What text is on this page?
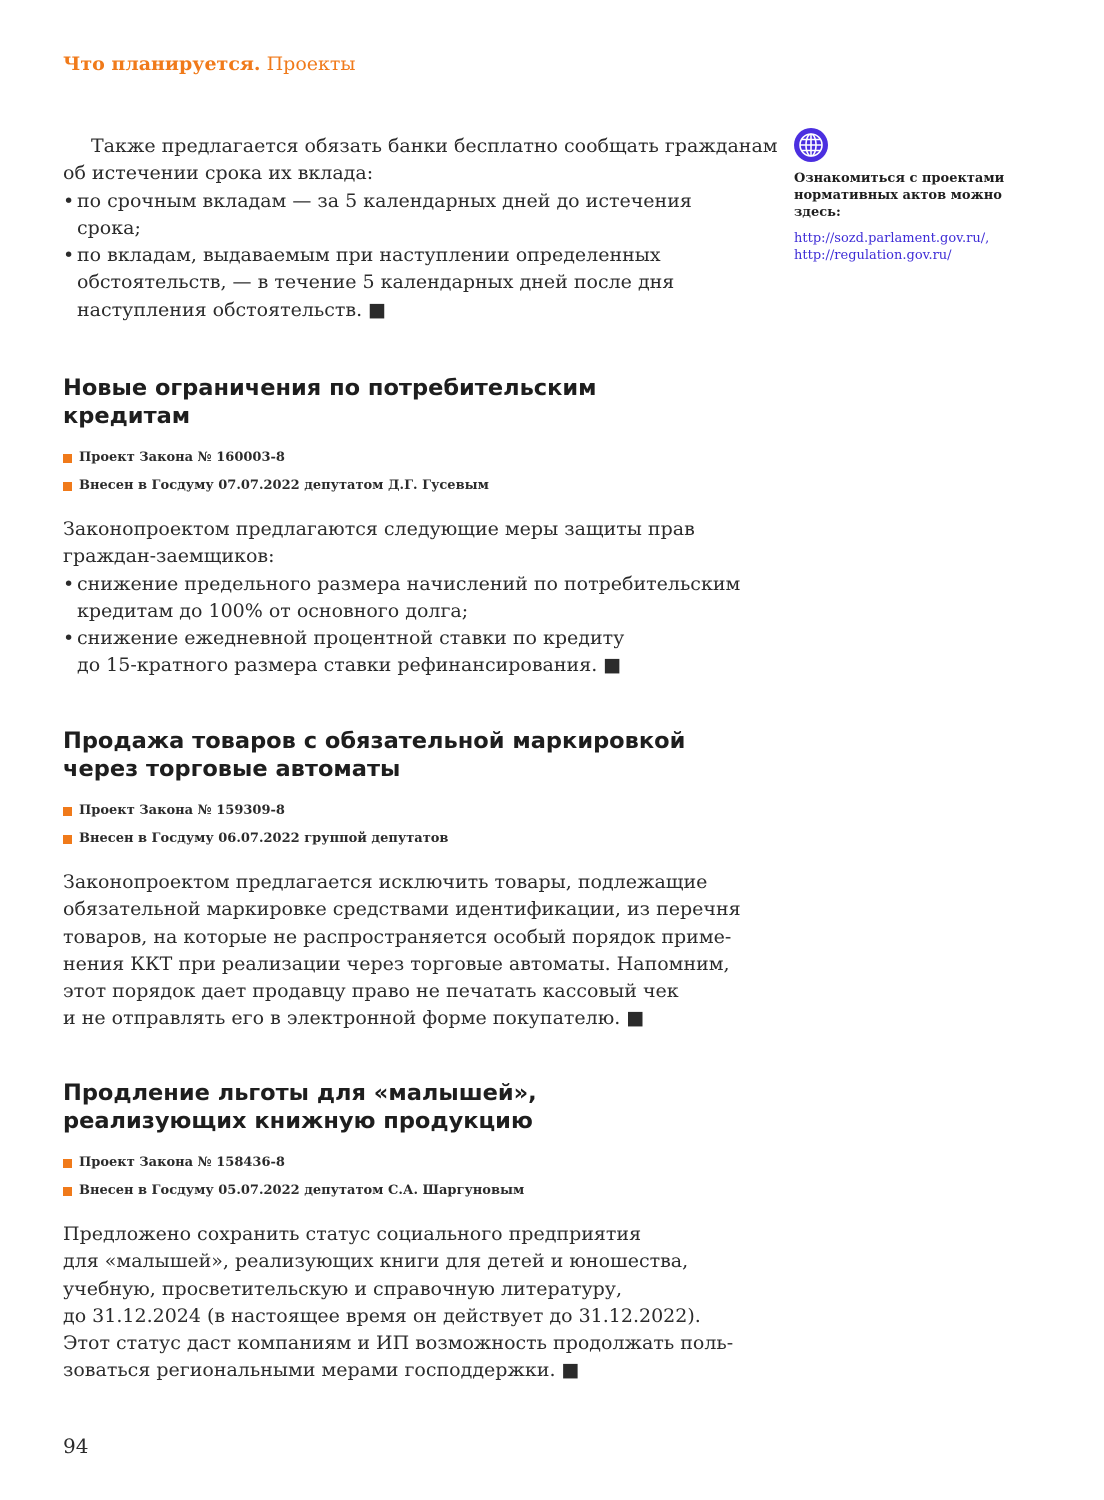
Что планируется. Проекты
Также предлагается обязать банки бесплатно сообщать гражданам
об истечении срока их вклада:
• по срочным вкладам — за 5 календарных дней до истечения
срока;
• по вкладам, выдаваемым при наступлении определенных
обстоятельств, — в течение 5 календарных дней после дня
наступления обстоятельств. ■
Ознакомиться с проектами
нормативных актов можно
здесь:
http://sozd.parlament.gov.ru/,
http://regulation.gov.ru/
Новые ограничения по потребительским
кредитам
Проект Закона № 160003-8
Внесен в Госдуму 07.07.2022 депутатом Д.Г. Гусевым
Законопроектом предлагаются следующие меры защиты прав
граждан-заемщиков:
• снижение предельного размера начислений по потребительским
кредитам до 100% от основного долга;
• снижение ежедневной процентной ставки по кредиту
до 15-кратного размера ставки рефинансирования. ■
Продажа товаров с обязательной маркировкой
через торговые автоматы
Проект Закона № 159309-8
Внесен в Госдуму 06.07.2022 группой депутатов
Законопроектом предлагается исключить товары, подлежащие
обязательной маркировке средствами идентификации, из перечня
товаров, на которые не распространяется особый порядок приме-
нения ККТ при реализации через торговые автоматы. Напомним,
этот порядок дает продавцу право не печатать кассовый чек
и не отправлять его в электронной форме покупателю. ■
Продление льготы для «малышей»,
реализующих книжную продукцию
Проект Закона № 158436-8
Внесен в Госдуму 05.07.2022 депутатом С.А. Шаргуновым
Предложено сохранить статус социального предприятия
для «малышей», реализующих книги для детей и юношества,
учебную, просветительскую и справочную литературу,
до 31.12.2024 (в настоящее время он действует до 31.12.2022).
Этот статус даст компаниям и ИП возможность продолжать поль-
зоваться региональными мерами господдержки. ■
94
